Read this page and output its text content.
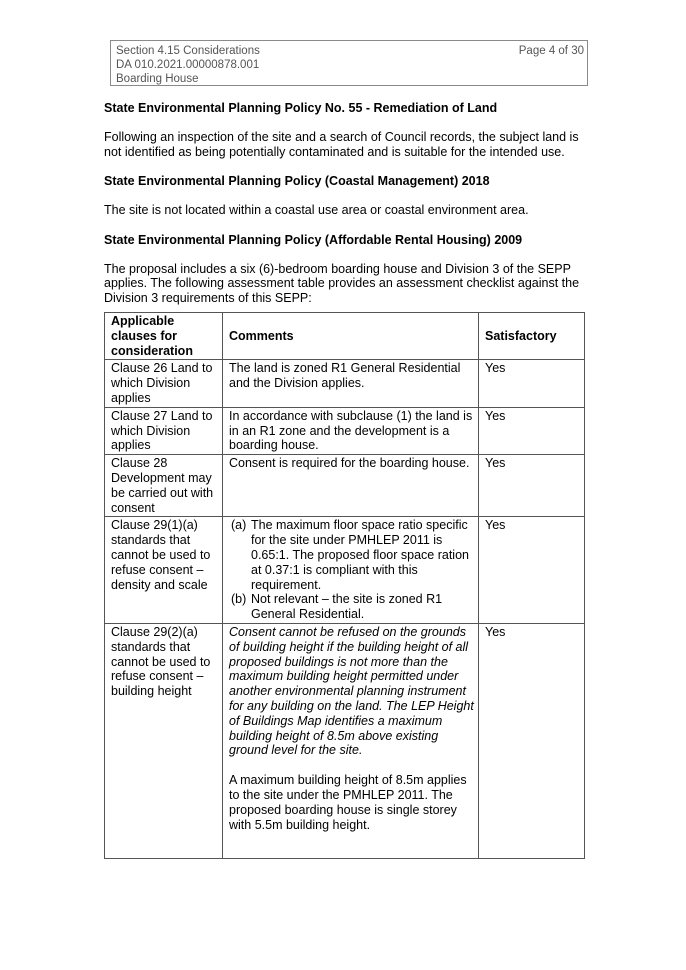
Section 4.15 Considerations
DA 010.2021.00000878.001
Boarding House
Page 4 of 30
State Environmental Planning Policy No. 55 - Remediation of Land

Following an inspection of the site and a search of Council records, the subject land is not identified as being potentially contaminated and is suitable for the intended use.

State Environmental Planning Policy (Coastal Management) 2018

The site is not located within a coastal use area or coastal environment area.

State Environmental Planning Policy (Affordable Rental Housing) 2009

The proposal includes a six (6)-bedroom boarding house and Division 3 of the SEPP applies. The following assessment table provides an assessment checklist against the Division 3 requirements of this SEPP:

Applicable clauses for consideration	Comments	Satisfactory
Clause 26 Land to which Division applies	The land is zoned R1 General Residential and the Division applies.	Yes
Clause 27 Land to which Division applies	In accordance with subclause (1) the land is in an R1 zone and the development is a boarding house.	Yes
Clause 28 Development may be carried out with consent	Consent is required for the boarding house.	Yes
Clause 29(1)(a) standards that cannot be used to refuse consent – density and scale	(a) The maximum floor space ratio specific for the site under PMHLEP 2011 is 0.65:1. The proposed floor space ration at 0.37:1 is compliant with this requirement.
(b) Not relevant – the site is zoned R1 General Residential.	Yes
Clause 29(2)(a) standards that cannot be used to refuse consent – building height	Consent cannot be refused on the grounds of building height if the building height of all proposed buildings is not more than the maximum building height permitted under another environmental planning instrument for any building on the land. The LEP Height of Buildings Map identifies a maximum building height of 8.5m above existing ground level for the site.
A maximum building height of 8.5m applies to the site under the PMHLEP 2011. The proposed boarding house is single storey with 5.5m building height.	Yes
